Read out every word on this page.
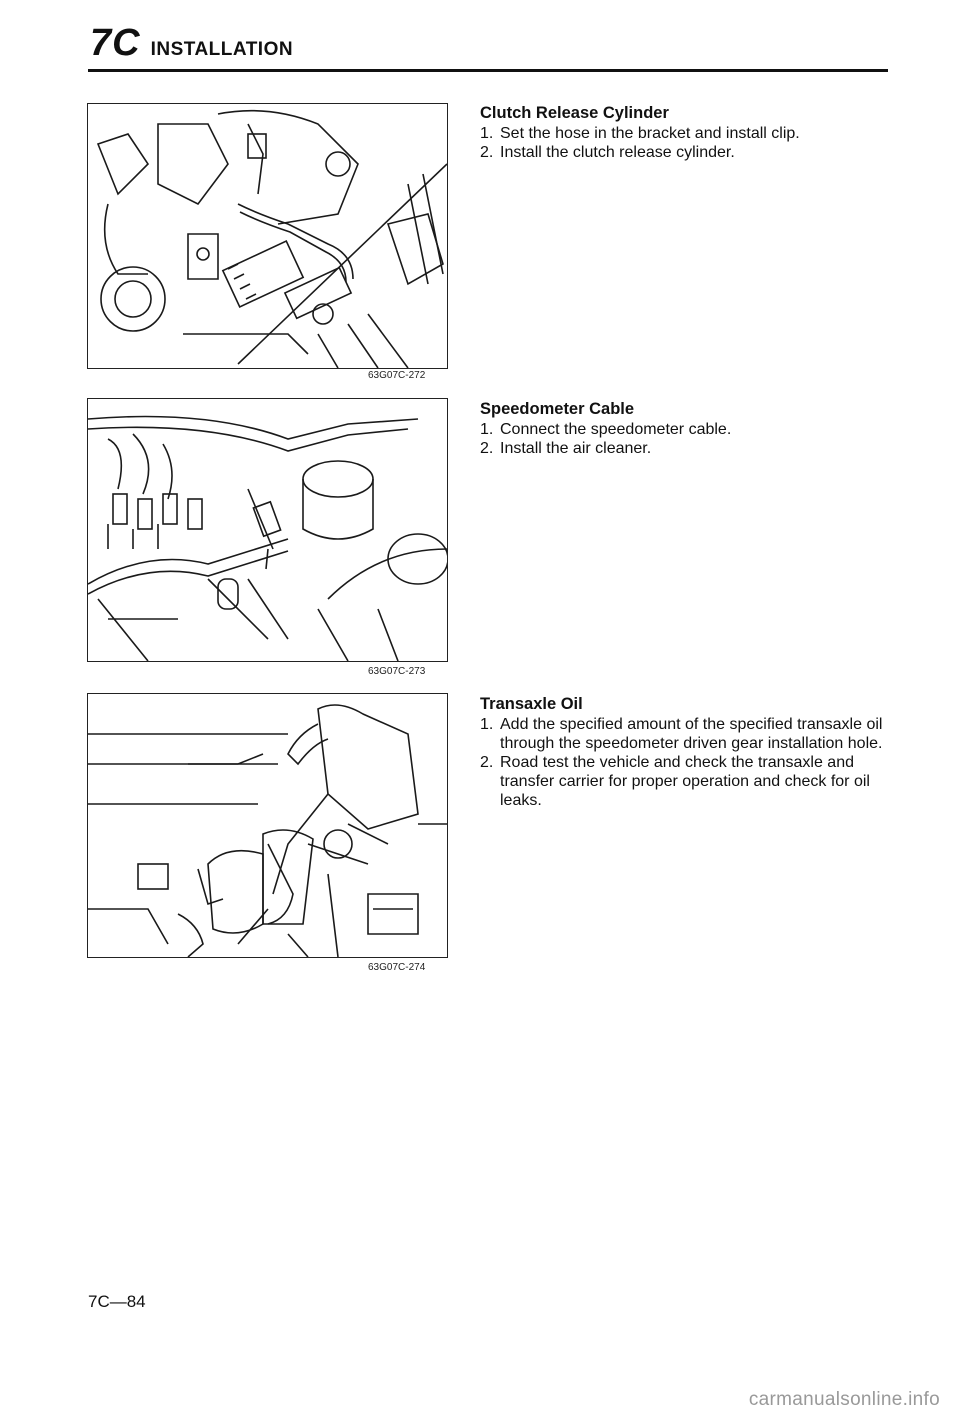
7C INSTALLATION
63G07C-272
63G07C-273
63G07C-274
Clutch Release Cylinder
1. Set the hose in the bracket and install clip.
2. Install the clutch release cylinder.
Speedometer Cable
1. Connect the speedometer cable.
2. Install the air cleaner.
Transaxle Oil
1. Add the specified amount of the specified transaxle oil through the speedometer driven gear installation hole.
2. Road test the vehicle and check the transaxle and transfer carrier for proper operation and check for oil leaks.
7C—84
carmanualsonline.info
